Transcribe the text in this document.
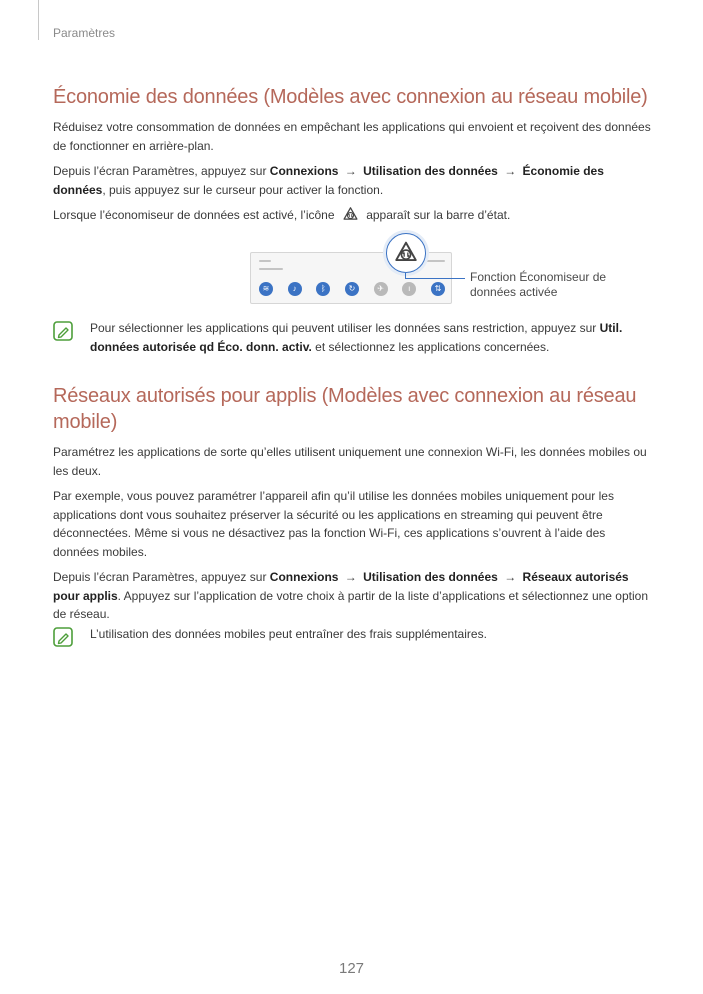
Paramètres
Économie des données (Modèles avec connexion au réseau mobile)

Réduisez votre consommation de données en empêchant les applications qui envoient et reçoivent des données de fonctionner en arrière-plan.

Depuis l’écran Paramètres, appuyez sur Connexions → Utilisation des données → Économie des données, puis appuyez sur le curseur pour activer la fonction.

Lorsque l’économiseur de données est activé, l’icône	apparaît sur la barre d’état.

≋	♪	ᛒ	↻	✈	ı	⇅
Fonction Économiseur de données activée
Pour sélectionner les applications qui peuvent utiliser les données sans restriction, appuyez sur Util. données autorisée qd Éco. donn. activ. et sélectionnez les applications concernées.
Réseaux autorisés pour applis (Modèles avec connexion au réseau mobile)

Paramétrez les applications de sorte qu’elles utilisent uniquement une connexion Wi-Fi, les données mobiles ou les deux.

Par exemple, vous pouvez paramétrer l’appareil afin qu’il utilise les données mobiles uniquement pour les applications dont vous souhaitez préserver la sécurité ou les applications en streaming qui peuvent être déconnectées. Même si vous ne désactivez pas la fonction Wi-Fi, ces applications s’ouvrent à l’aide des données mobiles.

Depuis l’écran Paramètres, appuyez sur Connexions → Utilisation des données → Réseaux autorisés pour applis. Appuyez sur l’application de votre choix à partir de la liste d’applications et sélectionnez une option de réseau.

L’utilisation des données mobiles peut entraîner des frais supplémentaires.
127
